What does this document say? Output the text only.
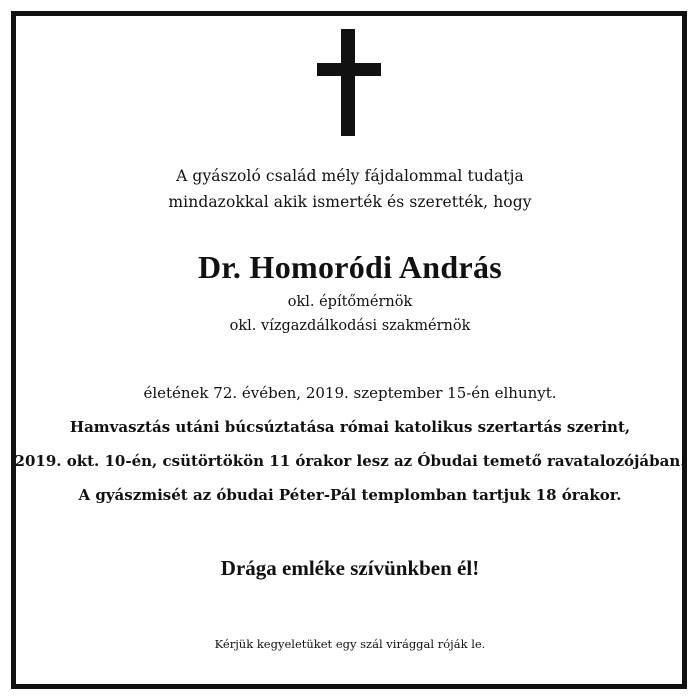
A gyászoló család mély fájdalommal tudatja
mindazokkal akik ismerték és szerették, hogy
Dr. Homoródi András
okl. építőmérnök
okl. vízgazdálkodási szakmérnök
életének 72. évében, 2019. szeptember 15-én elhunyt.
Hamvasztás utáni búcsúztatása római katolikus szertartás szerint,
2019. okt. 10-én, csütörtökön 11 órakor lesz az Óbudai temető ravatalozójában.
A gyászmisét az óbudai Péter-Pál templomban tartjuk 18 órakor.
Drága emléke szívünkben él!
Kérjük kegyeletüket egy szál virággal róják le.
